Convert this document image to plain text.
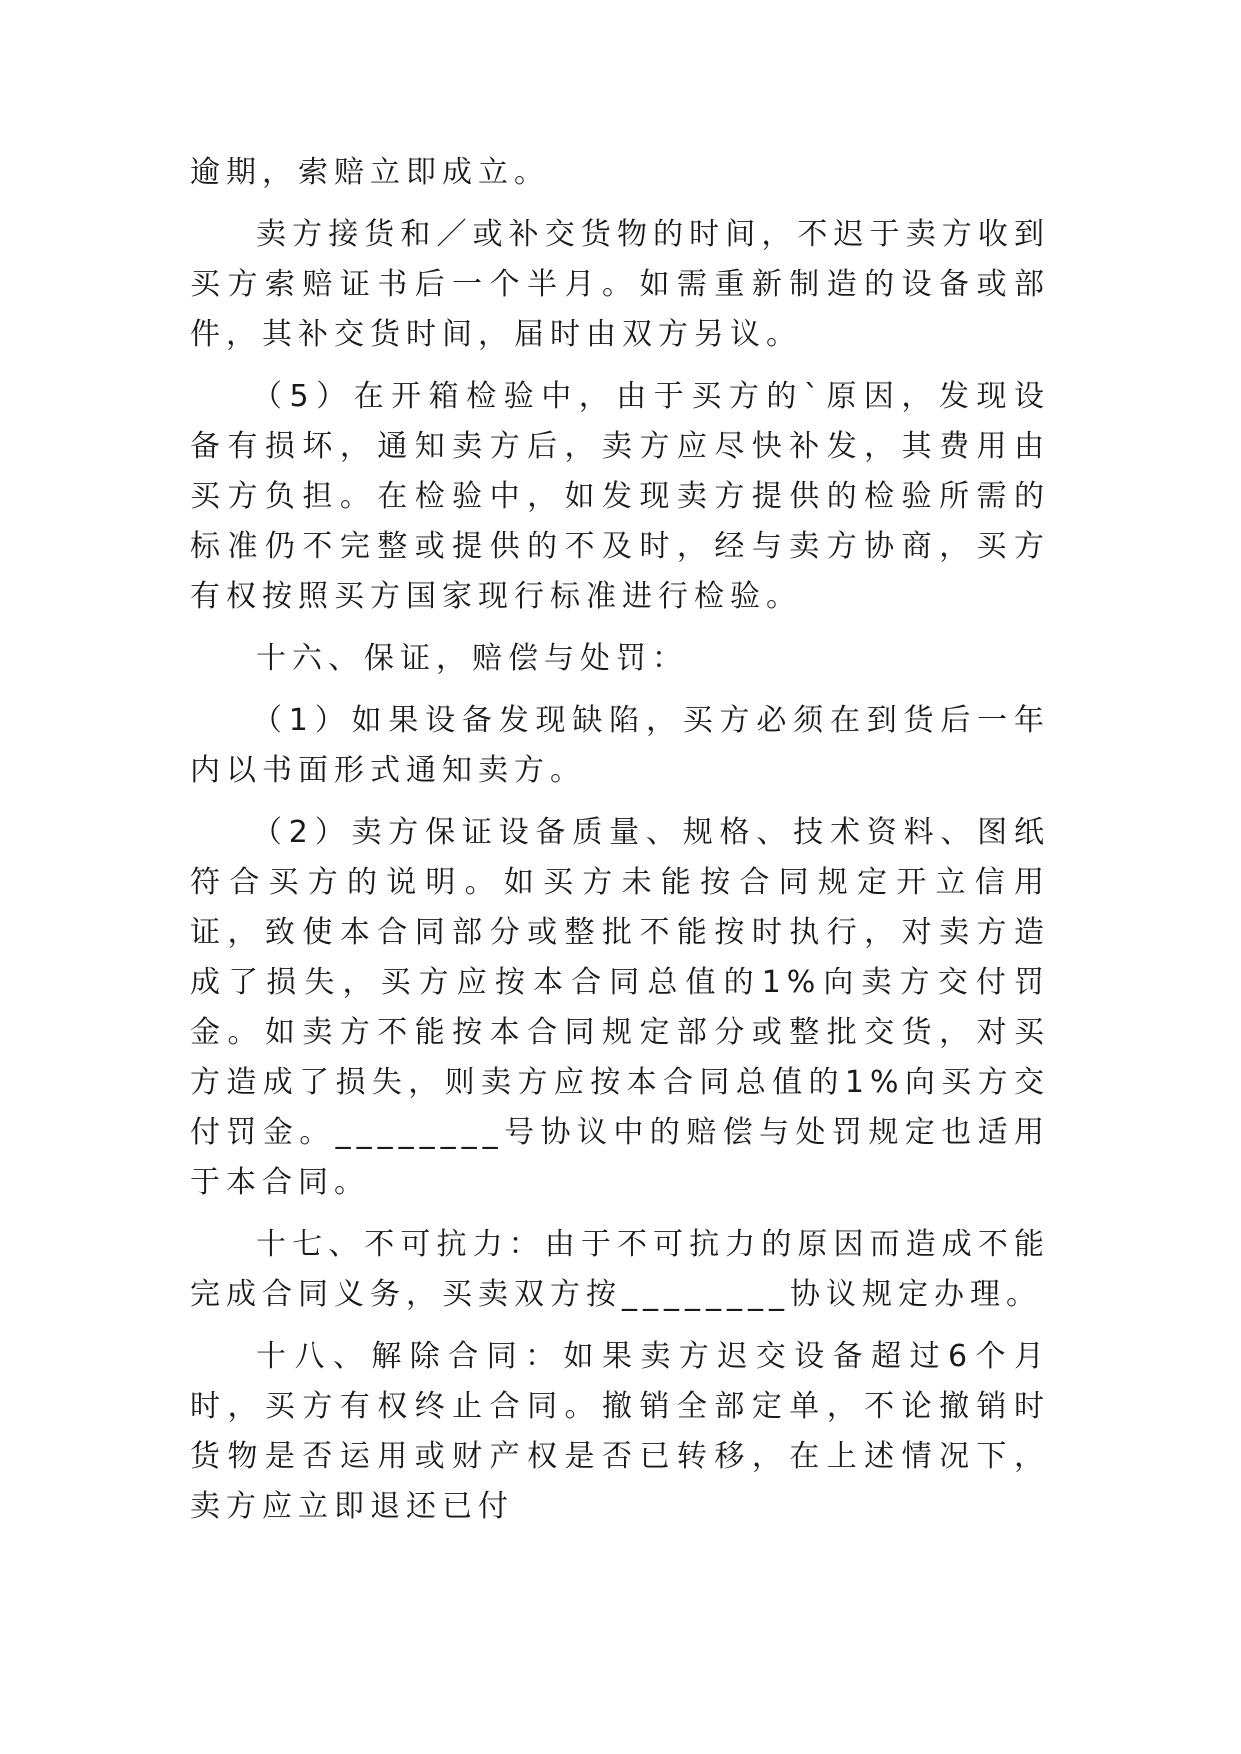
逾期，索赔立即成立。

卖方接货和／或补交货物的时间，不迟于卖方收到买方索赔证书后一个半月。如需重新制造的设备或部件，其补交货时间，届时由双方另议。

（5）在开箱检验中，由于买方的`原因，发现设备有损坏，通知卖方后，卖方应尽快补发，其费用由买方负担。在检验中，如发现卖方提供的检验所需的标准仍不完整或提供的不及时，经与卖方协商，买方有权按照买方国家现行标准进行检验。

十六、保证，赔偿与处罚：

（1）如果设备发现缺陷，买方必须在到货后一年内以书面形式通知卖方。

（2）卖方保证设备质量、规格、技术资料、图纸符合买方的说明。如买方未能按合同规定开立信用证，致使本合同部分或整批不能按时执行，对卖方造成了损失，买方应按本合同总值的1%向卖方交付罚金。如卖方不能按本合同规定部分或整批交货，对买方造成了损失，则卖方应按本合同总值的1%向买方交付罚金。________号协议中的赔偿与处罚规定也适用于本合同。

十七、不可抗力：由于不可抗力的原因而造成不能完成合同义务，买卖双方按________协议规定办理。

十八、解除合同：如果卖方迟交设备超过6个月时，买方有权终止合同。撤销全部定单，不论撤销时货物是否运用或财产权是否已转移，在上述情况下，卖方应立即退还已付
